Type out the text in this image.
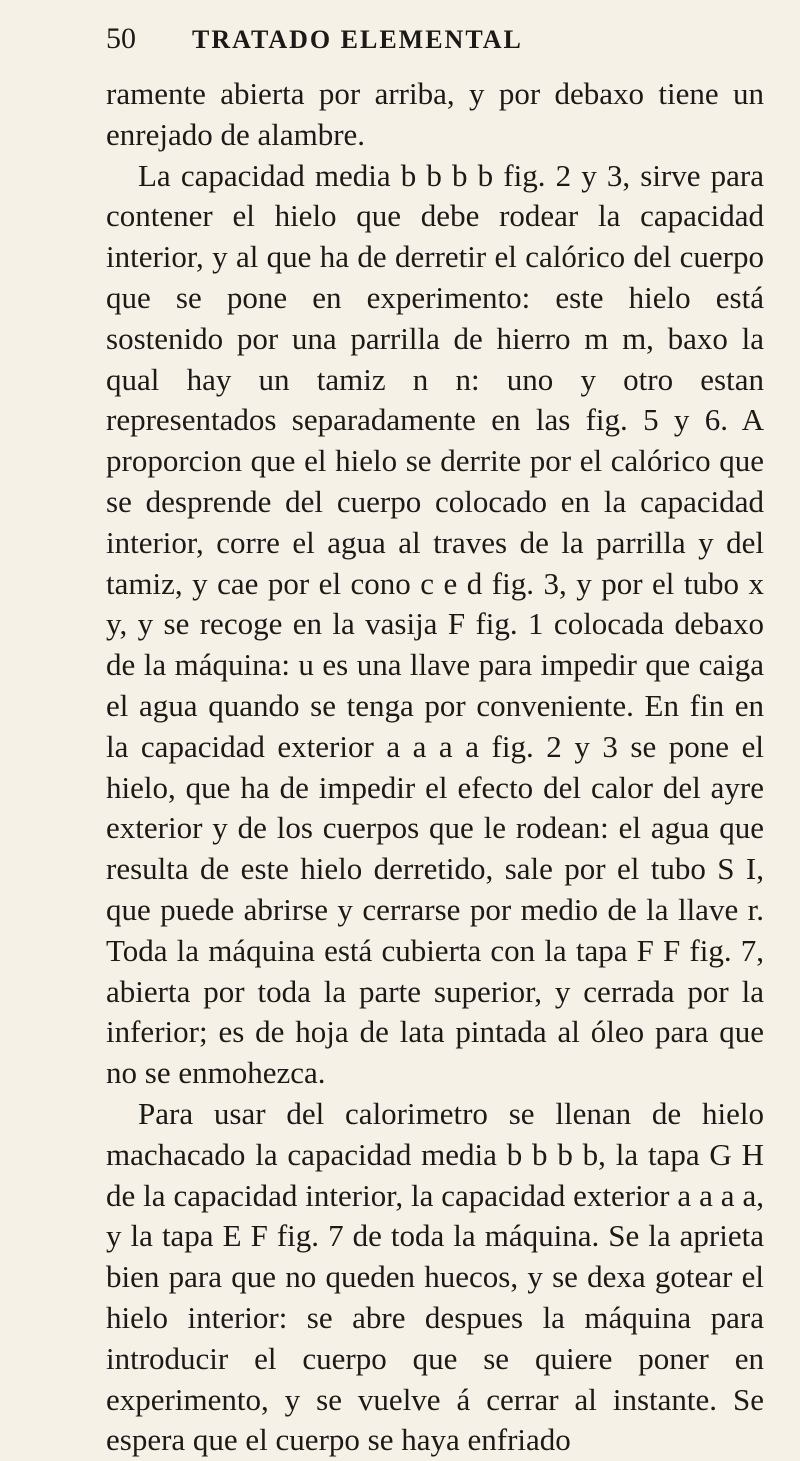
50	TRATADO ELEMENTAL

ramente abierta por arriba, y por debaxo tiene un enrejado de alambre.

La capacidad media b b b b fig. 2 y 3, sirve para contener el hielo que debe rodear la capacidad interior, y al que ha de derretir el calórico del cuerpo que se pone en experimento: este hielo está sostenido por una parrilla de hierro m m, baxo la qual hay un tamiz n n: uno y otro estan representados separadamente en las fig. 5 y 6. A proporcion que el hielo se derrite por el calórico que se desprende del cuerpo colocado en la capacidad interior, corre el agua al traves de la parrilla y del tamiz, y cae por el cono c e d fig. 3, y por el tubo x y, y se recoge en la vasija F fig. 1 colocada debaxo de la máquina: u es una llave para impedir que caiga el agua quando se tenga por conveniente. En fin en la capacidad exterior a a a a fig. 2 y 3 se pone el hielo, que ha de impedir el efecto del calor del ayre exterior y de los cuerpos que le rodean: el agua que resulta de este hielo derretido, sale por el tubo S I, que puede abrirse y cerrarse por medio de la llave r. Toda la máquina está cubierta con la tapa F F fig. 7, abierta por toda la parte superior, y cerrada por la inferior; es de hoja de lata pintada al óleo para que no se enmohezca.

Para usar del calorimetro se llenan de hielo machacado la capacidad media b b b b, la tapa G H de la capacidad interior, la capacidad exterior a a a a, y la tapa E F fig. 7 de toda la máquina. Se la aprieta bien para que no queden huecos, y se dexa gotear el hielo interior: se abre despues la máquina para introducir el cuerpo que se quiere poner en experimento, y se vuelve á cerrar al instante. Se espera que el cuerpo se haya enfriado
